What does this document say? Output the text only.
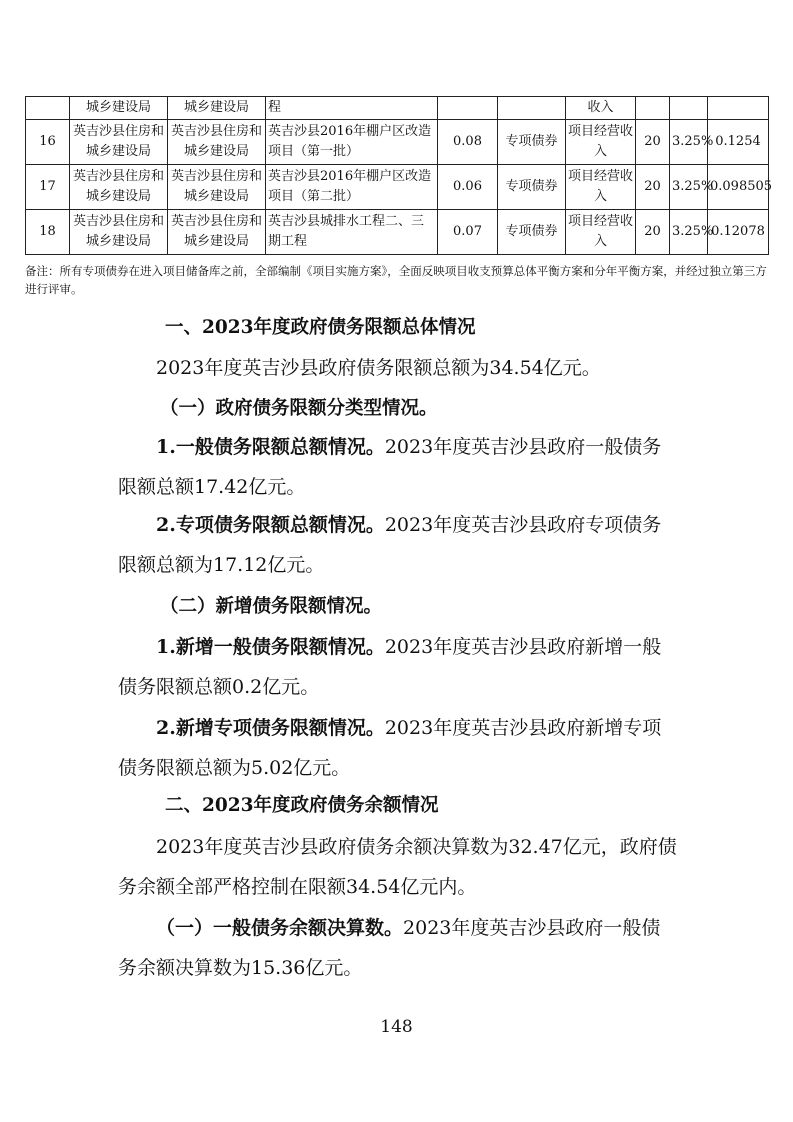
	城乡建设局	城乡建设局	程			收入			
16	英吉沙县住房和城乡建设局	英吉沙县住房和城乡建设局	英吉沙县2016年棚户区改造项目（第一批）	0.08	专项债券	项目经营收入	20	3.25%	0.1254
17	英吉沙县住房和城乡建设局	英吉沙县住房和城乡建设局	英吉沙县2016年棚户区改造项目（第二批）	0.06	专项债券	项目经营收入	20	3.25%	0.098505
18	英吉沙县住房和城乡建设局	英吉沙县住房和城乡建设局	英吉沙县城排水工程二、三期工程	0.07	专项债券	项目经营收入	20	3.25%	0.12078
备注：所有专项债券在进入项目储备库之前，全部编制《项目实施方案》，全面反映项目收支预算总体平衡方案和分年平衡方案，并经过独立第三方进行评审。
一、2023年度政府债务限额总体情况

2023年度英吉沙县政府债务限额总额为34.54亿元。

（一）政府债务限额分类型情况。

1.一般债务限额总额情况。2023年度英吉沙县政府一般债务限额总额17.42亿元。

2.专项债务限额总额情况。2023年度英吉沙县政府专项债务限额总额为17.12亿元。

（二）新增债务限额情况。

1.新增一般债务限额情况。2023年度英吉沙县政府新增一般债务限额总额0.2亿元。

2.新增专项债务限额情况。2023年度英吉沙县政府新增专项债务限额总额为5.02亿元。

二、2023年度政府债务余额情况

2023年度英吉沙县政府债务余额决算数为32.47亿元，政府债务余额全部严格控制在限额34.54亿元内。

（一）一般债务余额决算数。2023年度英吉沙县政府一般债务余额决算数为15.36亿元。

148
